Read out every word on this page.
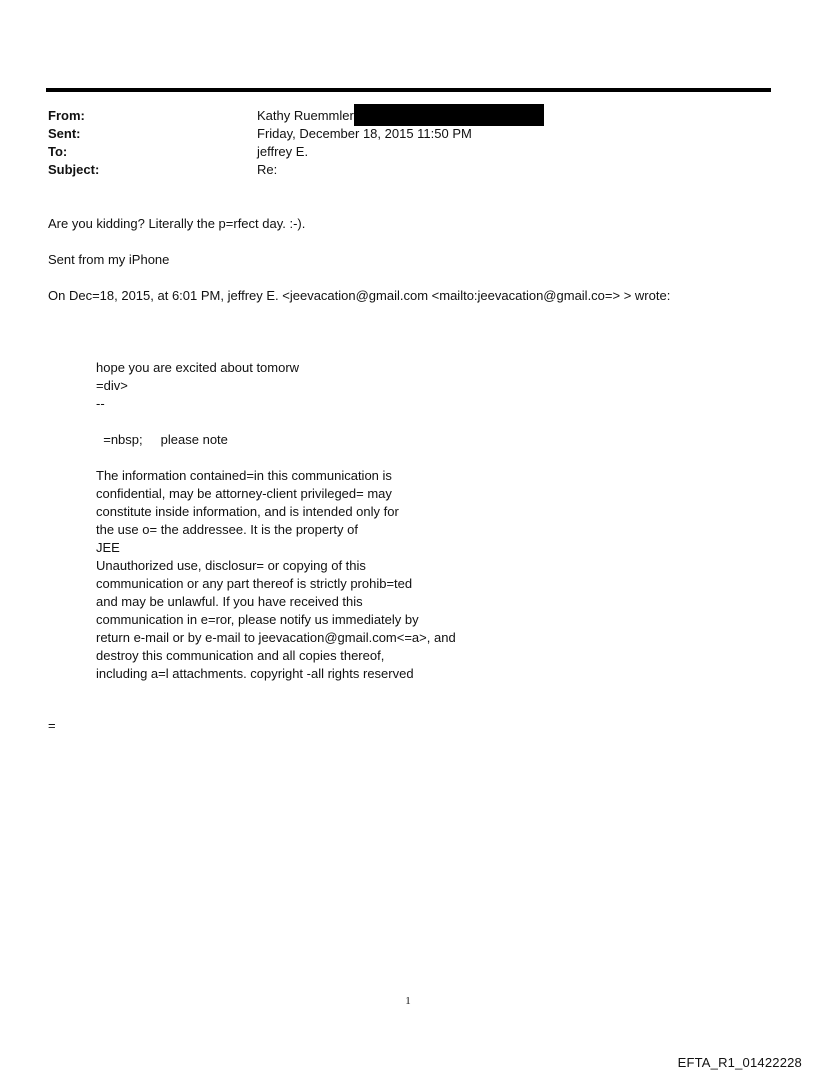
From:	Kathy Ruemmler
Sent:	Friday, December 18, 2015 11:50 PM
To:	jeffrey E.
Subject:	Re:
Are you kidding? Literally the p=rfect day. :-).
Sent from my iPhone
On Dec=18, 2015, at 6:01 PM, jeffrey E. <jeevacation@gmail.com <mailto:jeevacation@gmail.co=> > wrote:
hope you are excited about tomorw
=div>
--
=nbsp;     please note
The information contained=in this communication is
confidential, may be attorney-client privileged= may
constitute inside information, and is intended only for
the use o= the addressee. It is the property of
JEE
Unauthorized use, disclosur= or copying of this
communication or any part thereof is strictly prohib=ted
and may be unlawful. If you have received this
communication in e=ror, please notify us immediately by
return e-mail or by e-mail to jeevacation@gmail.com<=a>, and
destroy this communication and all copies thereof,
including a=l attachments. copyright -all rights reserved
=
1
EFTA_R1_01422228
